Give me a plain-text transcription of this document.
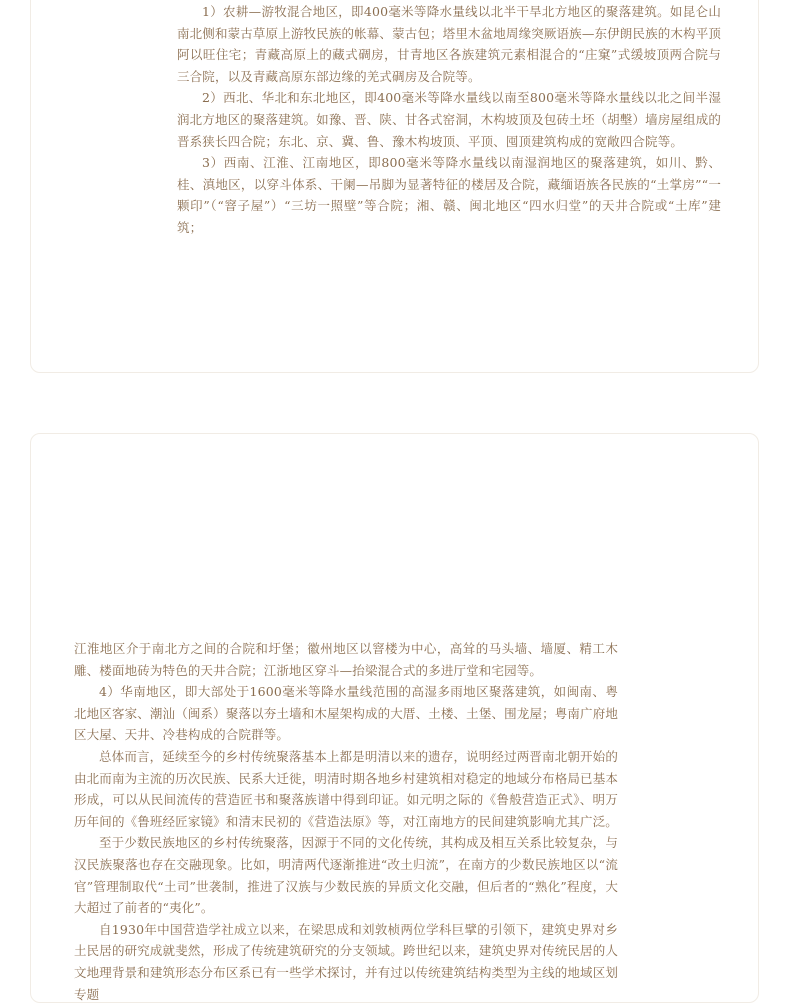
1）农耕—游牧混合地区，即400毫米等降水量线以北半干旱北方地区的聚落建筑。如昆仑山南北侧和蒙古草原上游牧民族的帐幕、蒙古包；塔里木盆地周缘突厥语族—东伊朗民族的木构平顶阿以旺住宅；青藏高原上的藏式碉房，甘青地区各族建筑元素相混合的“庄窠”式缓坡顶两合院与三合院，以及青藏高原东部边缘的羌式碉房及合院等。

2）西北、华北和东北地区，即400毫米等降水量线以南至800毫米等降水量线以北之间半湿润北方地区的聚落建筑。如豫、晋、陕、甘各式窑洞，木构坡顶及包砖土坯（胡墼）墙房屋组成的晋系狭长四合院；东北、京、冀、鲁、豫木构坡顶、平顶、囤顶建筑构成的宽敞四合院等。

3）西南、江淮、江南地区，即800毫米等降水量线以南湿润地区的聚落建筑，如川、黔、桂、滇地区，以穿斗体系、干阑—吊脚为显著特征的楼居及合院，藏缅语族各民族的“土掌房”“一颗印”（“窨子屋”）“三坊一照壁”等合院；湘、赣、闽北地区“四水归堂”的天井合院或“土库”建筑；

江淮地区介于南北方之间的合院和圩堡；徽州地区以窨楼为中心，高耸的马头墙、墙厦、精工木雕、楼面地砖为特色的天井合院；江浙地区穿斗—抬梁混合式的多进厅堂和宅园等。

4）华南地区，即大部处于1600毫米等降水量线范围的高湿多雨地区聚落建筑，如闽南、粤北地区客家、潮汕（闽系）聚落以夯土墙和木屋架构成的大厝、土楼、土堡、围龙屋；粤南广府地区大屋、天井、冷巷构成的合院群等。

总体而言，延续至今的乡村传统聚落基本上都是明清以来的遗存，说明经过两晋南北朝开始的由北而南为主流的历次民族、民系大迁徙，明清时期各地乡村建筑相对稳定的地域分布格局已基本形成，可以从民间流传的营造匠书和聚落族谱中得到印证。如元明之际的《鲁般营造正式》、明万历年间的《鲁班经匠家镜》和清末民初的《营造法原》等，对江南地方的民间建筑影响尤其广泛。

至于少数民族地区的乡村传统聚落，因源于不同的文化传统，其构成及相互关系比较复杂，与汉民族聚落也存在交融现象。比如，明清两代逐渐推进“改土归流”，在南方的少数民族地区以“流官”管理制取代“土司”世袭制，推进了汉族与少数民族的异质文化交融，但后者的“熟化”程度，大大超过了前者的“夷化”。

自1930年中国营造学社成立以来，在梁思成和刘敦桢两位学科巨擘的引领下，建筑史界对乡土民居的研究成就斐然，形成了传统建筑研究的分支领域。跨世纪以来，建筑史界对传统民居的人文地理背景和建筑形态分布区系已有一些学术探讨，并有过以传统建筑结构类型为主线的地域区划专题
